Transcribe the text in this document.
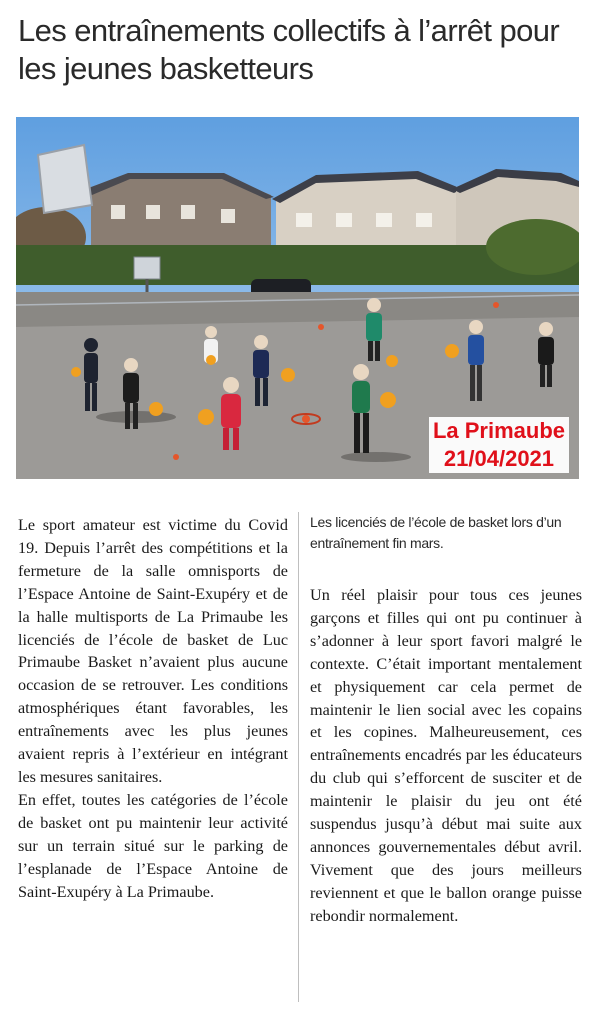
Les entraînements collectifs à l’arrêt pour les jeunes basketteurs
La Primaube
21/04/2021

Le sport amateur est victime du Covid 19. Depuis l’arrêt des compétitions et la fermeture de la salle omnisports de l’Espace Antoine de Saint-Exupéry et de la halle multisports de La Primaube les licenciés de l’école de basket de Luc Primaube Basket n’avaient plus aucune occasion de se retrouver. Les conditions atmosphériques étant favorables, les entraînements avec les plus jeunes avaient repris à l’extérieur en intégrant les mesures sanitaires.

En effet, toutes les catégories de l’école de basket ont pu maintenir leur activité sur un terrain situé sur le parking de l’esplanade de l’Espace Antoine de Saint-Exupéry à La Primaube.

Les licenciés de l’école de basket lors d’un entraînement fin mars.

Un réel plaisir pour tous ces jeunes garçons et filles qui ont pu continuer à s’adonner à leur sport favori malgré le contexte. C’était important mentalement et physiquement car cela permet de maintenir le lien social avec les copains et les copines. Malheureusement, ces entraînements encadrés par les éducateurs du club qui s’efforcent de susciter et de maintenir le plaisir du jeu ont été suspendus jusqu’à début mai suite aux annonces gouvernementales début avril. Vivement que des jours meilleurs reviennent et que le ballon orange puisse rebondir normalement.
